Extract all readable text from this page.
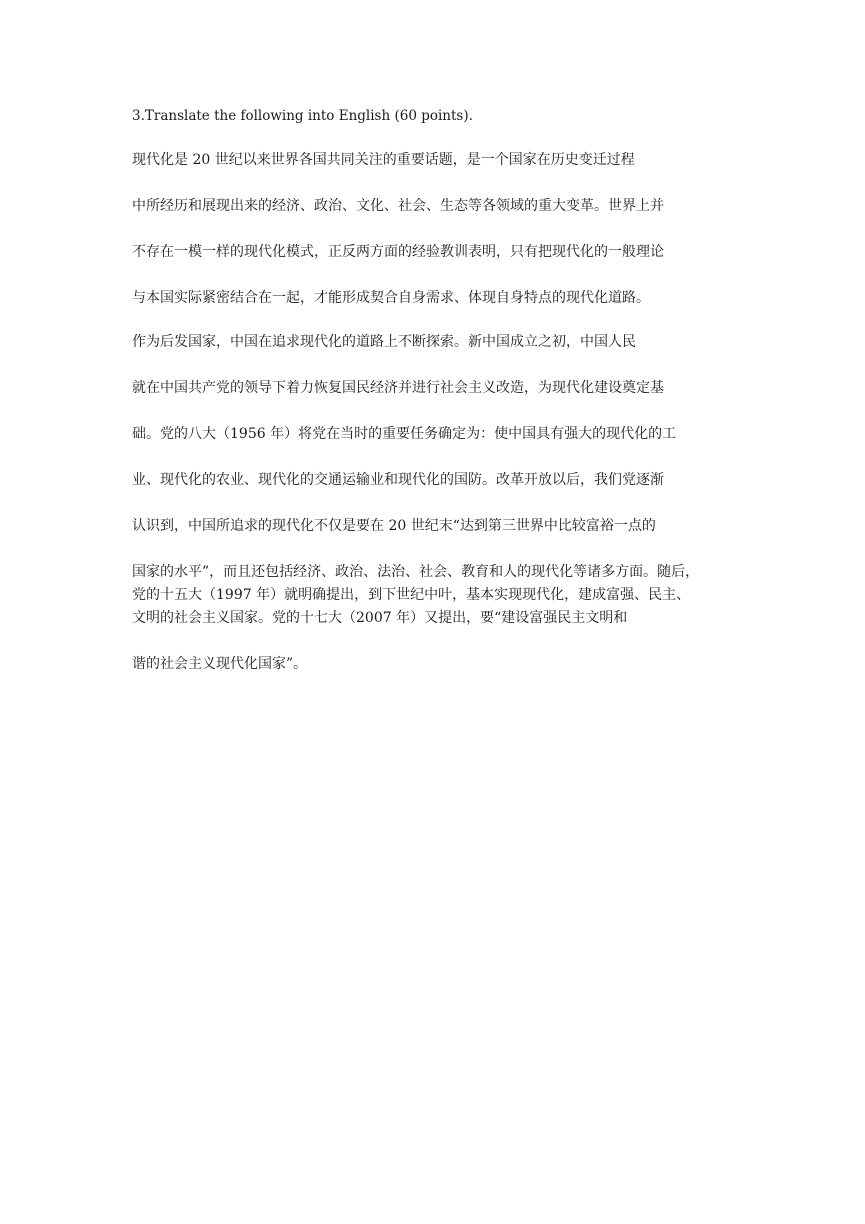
3.Translate the following into English (60 points).
现代化是 20 世纪以来世界各国共同关注的重要话题，是一个国家在历史变迁过程
中所经历和展现出来的经济、政治、文化、社会、生态等各领域的重大变革。世界上并
不存在一模一样的现代化模式，正反两方面的经验教训表明，只有把现代化的一般理论
与本国实际紧密结合在一起，才能形成契合自身需求、体现自身特点的现代化道路。
作为后发国家，中国在追求现代化的道路上不断探索。新中国成立之初，中国人民
就在中国共产党的领导下着力恢复国民经济并进行社会主义改造，为现代化建设奠定基
础。党的八大（1956 年）将党在当时的重要任务确定为：使中国具有强大的现代化的工
业、现代化的农业、现代化的交通运输业和现代化的国防。改革开放以后，我们党逐渐
认识到，中国所追求的现代化不仅是要在 20 世纪末“达到第三世界中比较富裕一点的
国家的水平”，而且还包括经济、政治、法治、社会、教育和人的现代化等诸多方面。随后，
党的十五大（1997 年）就明确提出，到下世纪中叶，基本实现现代化，建成富强、民主、
文明的社会主义国家。党的十七大（2007 年）又提出，要“建设富强民主文明和
谐的社会主义现代化国家”。
